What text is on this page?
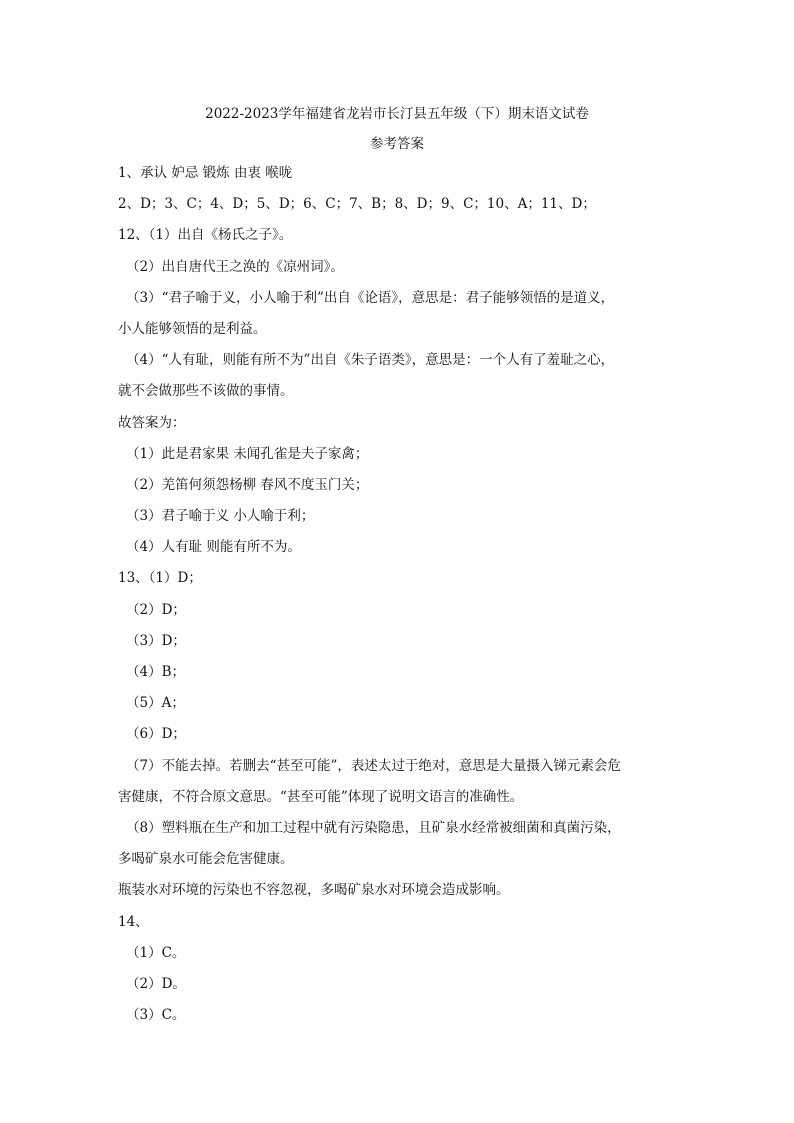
2022-2023学年福建省龙岩市长汀县五年级（下）期末语文试卷
参考答案
1、承认 妒忌 锻炼 由衷 喉咙
2、D；3、C；4、D；5、D；6、C；7、B；8、D；9、C；10、A；11、D；
12、（1）出自《杨氏之子》。
（2）出自唐代王之涣的《凉州词》。
（3）“君子喻于义，小人喻于利”出自《论语》，意思是：君子能够领悟的是道义，
小人能够领悟的是利益。
（4）“人有耻，则能有所不为”出自《朱子语类》，意思是：一个人有了羞耻之心，
就不会做那些不该做的事情。
故答案为：
（1）此是君家果 未闻孔雀是夫子家禽；
（2）羌笛何须怨杨柳 春风不度玉门关；
（3）君子喻于义 小人喻于利；
（4）人有耻 则能有所不为。
13、（1）D；
（2）D；
（3）D；
（4）B；
（5）A；
（6）D；
（7）不能去掉。若删去“甚至可能”，表述太过于绝对，意思是大量摄入锑元素会危
害健康，不符合原文意思。“甚至可能”体现了说明文语言的准确性。
（8）塑料瓶在生产和加工过程中就有污染隐患，且矿泉水经常被细菌和真菌污染，
多喝矿泉水可能会危害健康。
瓶装水对环境的污染也不容忽视，多喝矿泉水对环境会造成影响。
14、
（1）C。
（2）D。
（3）C。
